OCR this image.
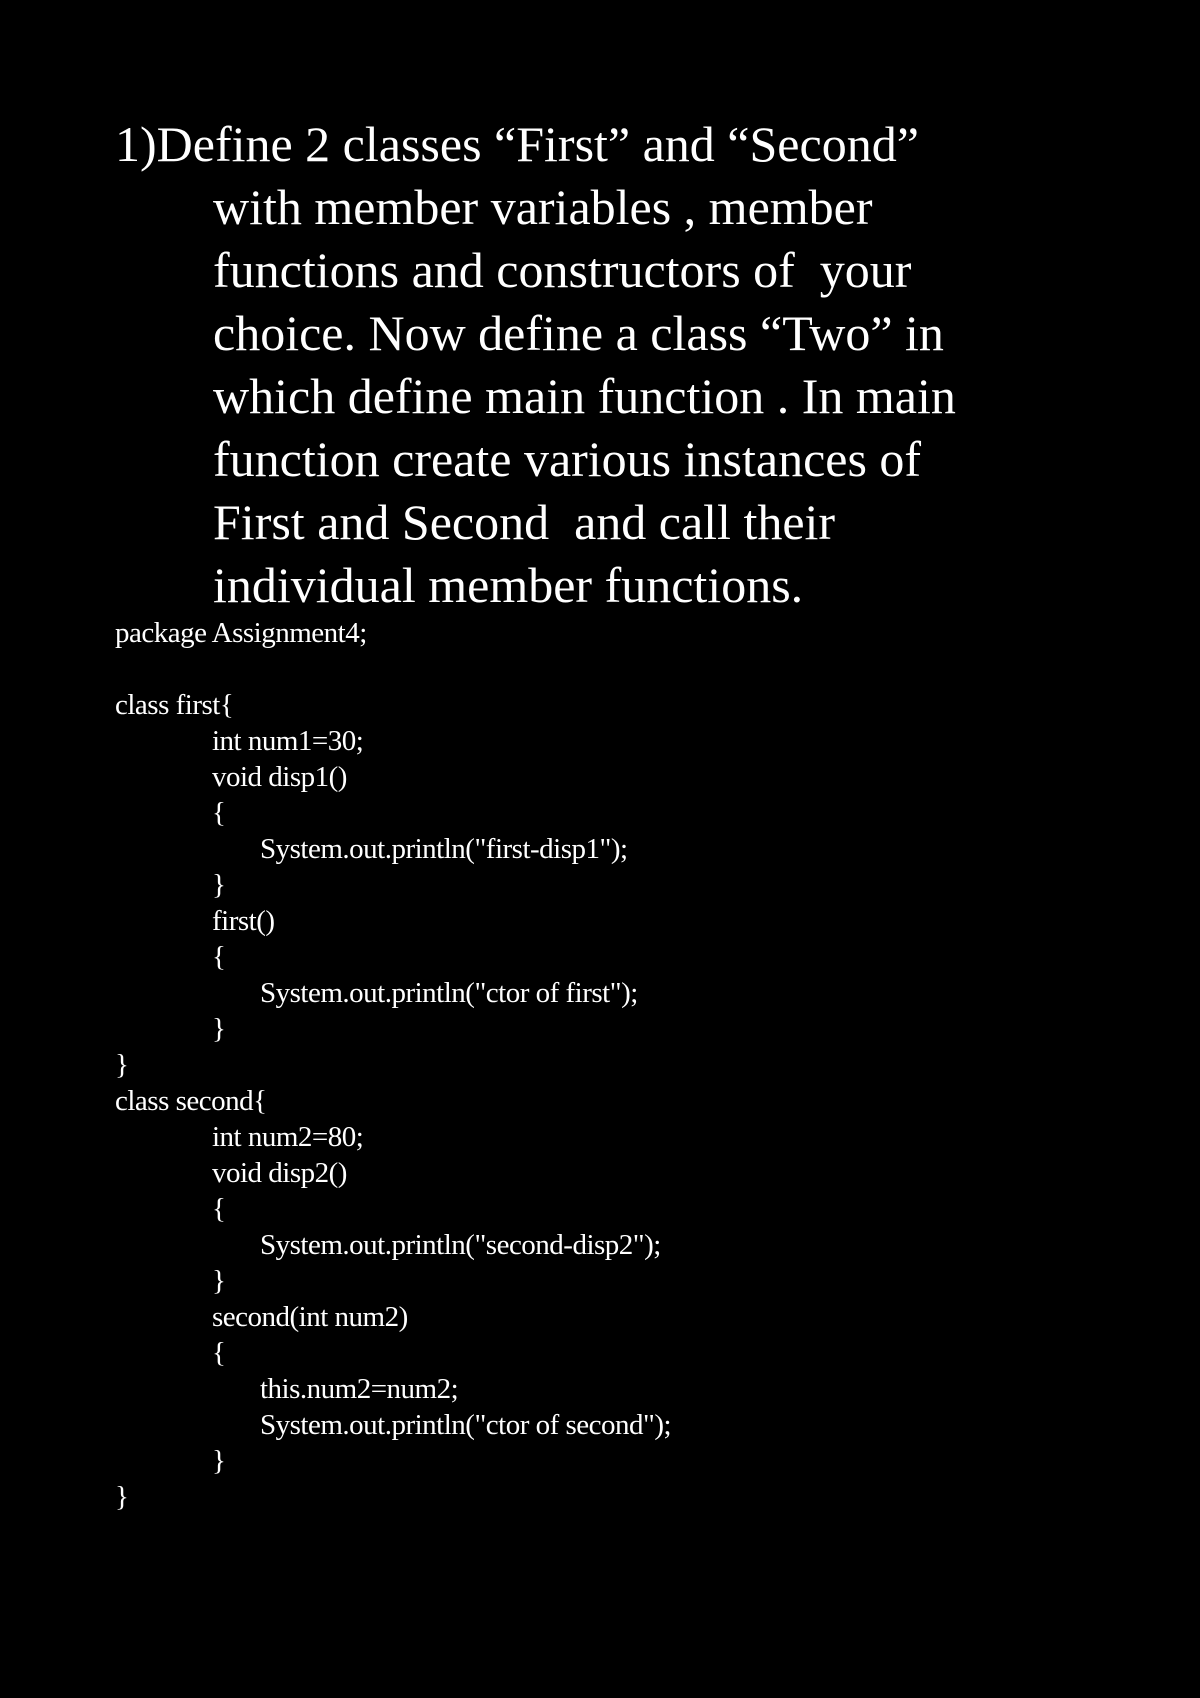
1)Define 2 classes “First” and “Second”

with member variables , member

functions and constructors of  your

choice. Now define a class “Two” in

which define main function . In main

function create various instances of

First and Second  and call their

individual member functions.

package Assignment4;
class first{
int num1=30;
void disp1()
{
System.out.println("first-disp1");
}
first()
{
System.out.println("ctor of first");
}
}
class second{
int num2=80;
void disp2()
{
System.out.println("second-disp2");
}
second(int num2)
{
this.num2=num2;
System.out.println("ctor of second");
}
}
